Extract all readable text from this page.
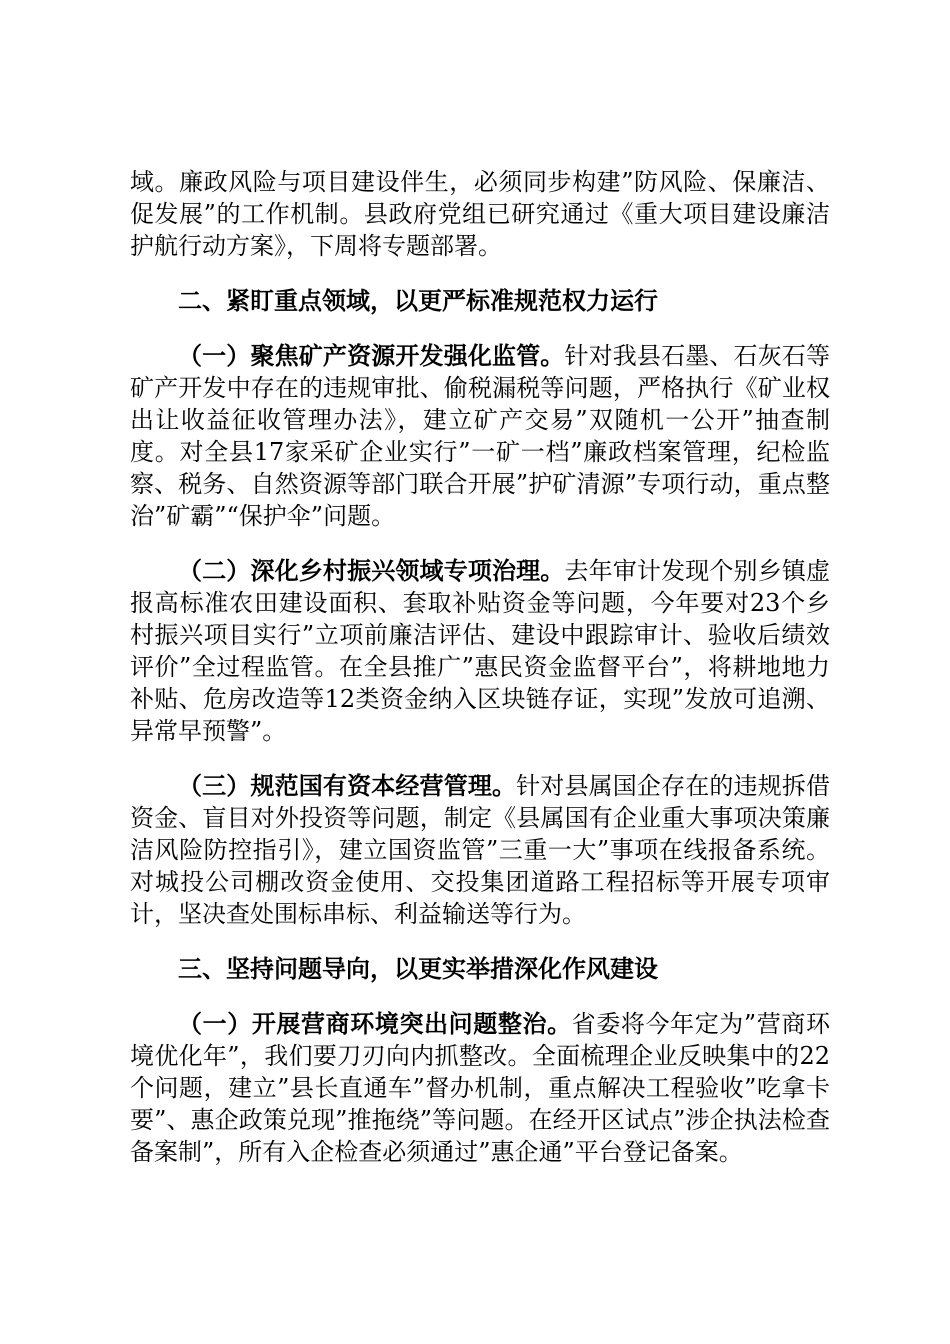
域。廉政风险与项目建设伴生，必须同步构建”防风险、保廉洁、促发展”的工作机制。县政府党组已研究通过《重大项目建设廉洁护航行动方案》，下周将专题部署。

二、紧盯重点领域，以更严标准规范权力运行

（一）聚焦矿产资源开发强化监管。针对我县石墨、石灰石等矿产开发中存在的违规审批、偷税漏税等问题，严格执行《矿业权出让收益征收管理办法》，建立矿产交易”双随机一公开”抽查制度。对全县17家采矿企业实行”一矿一档”廉政档案管理，纪检监察、税务、自然资源等部门联合开展”护矿清源”专项行动，重点整治”矿霸”“保护伞”问题。

（二）深化乡村振兴领域专项治理。去年审计发现个别乡镇虚报高标准农田建设面积、套取补贴资金等问题，今年要对23个乡村振兴项目实行”立项前廉洁评估、建设中跟踪审计、验收后绩效评价”全过程监管。在全县推广”惠民资金监督平台”，将耕地地力补贴、危房改造等12类资金纳入区块链存证，实现”发放可追溯、异常早预警”。

（三）规范国有资本经营管理。针对县属国企存在的违规拆借资金、盲目对外投资等问题，制定《县属国有企业重大事项决策廉洁风险防控指引》，建立国资监管”三重一大”事项在线报备系统。对城投公司棚改资金使用、交投集团道路工程招标等开展专项审计，坚决查处围标串标、利益输送等行为。

三、坚持问题导向，以更实举措深化作风建设

（一）开展营商环境突出问题整治。省委将今年定为”营商环境优化年”，我们要刀刃向内抓整改。全面梳理企业反映集中的22个问题，建立”县长直通车”督办机制，重点解决工程验收”吃拿卡要”、惠企政策兑现”推拖绕”等问题。在经开区试点”涉企执法检查备案制”，所有入企检查必须通过”惠企通”平台登记备案。
